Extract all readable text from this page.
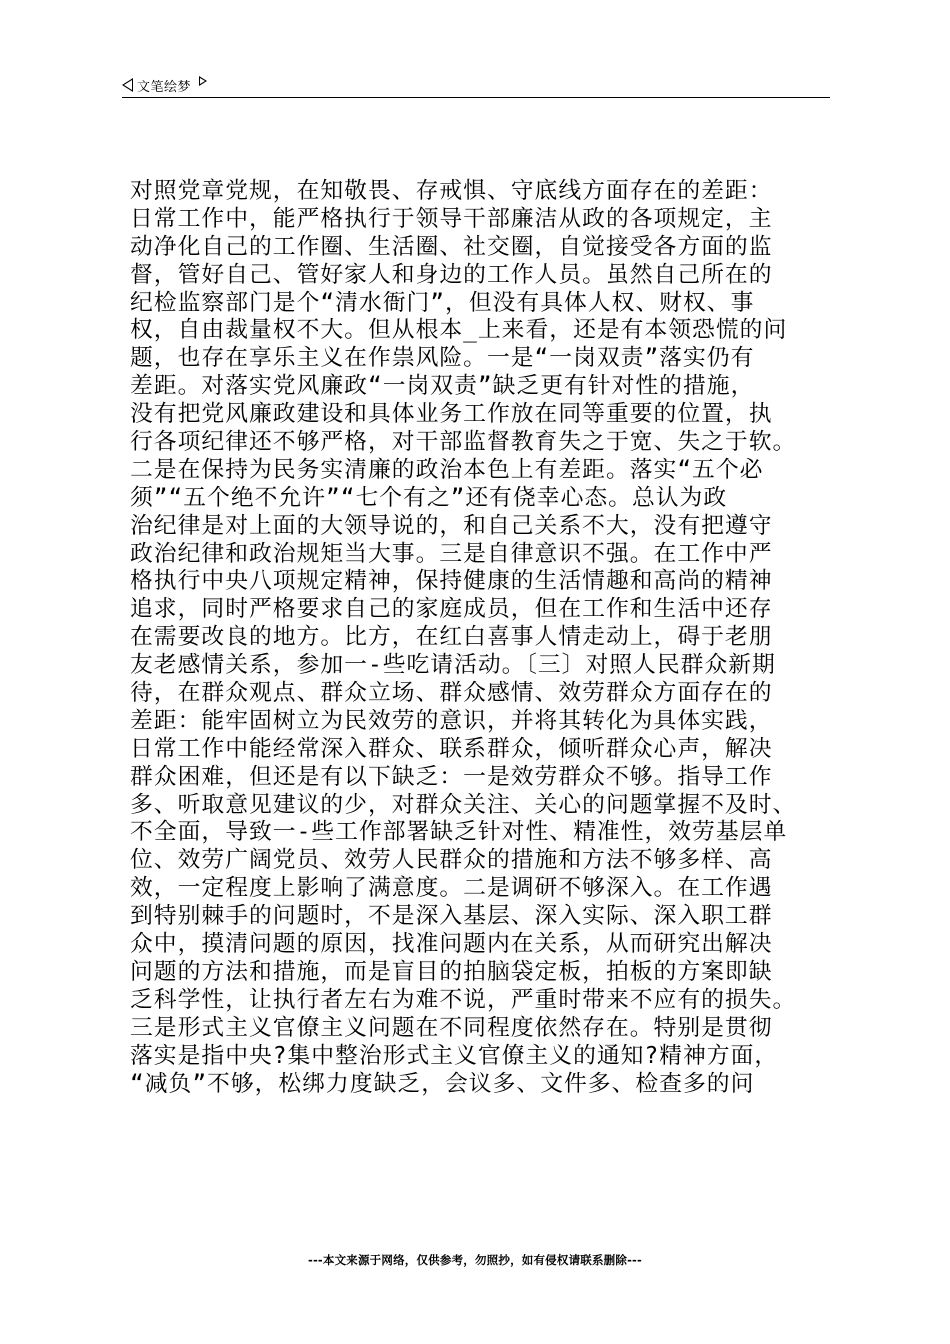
文笔绘梦
对照党章党规，在知敬畏、存戒惧、守底线方面存在的差距：
日常工作中，能严格执行于领导干部廉洁从政的各项规定，主
动净化自己的工作圈、生活圈、社交圈，自觉接受各方面的监
督，管好自己、管好家人和身边的工作人员。虽然自己所在的
纪检监察部门是个“清水衙门”，但没有具体人权、财权、事
权，自由裁量权不大。但从根本_上来看，还是有本领恐慌的问
题，也存在享乐主义在作祟风险。一是“一岗双责”落实仍有
差距。对落实党风廉政“一岗双责”缺乏更有针对性的措施，
没有把党风廉政建设和具体业务工作放在同等重要的位置，执
行各项纪律还不够严格，对干部监督教育失之于宽、失之于软。
二是在保持为民务实清廉的政治本色上有差距。落实“五个必
须”“五个绝不允许”“七个有之”还有侥幸心态。总认为政
治纪律是对上面的大领导说的，和自己关系不大，没有把遵守
政治纪律和政治规矩当大事。三是自律意识不强。在工作中严
格执行中央八项规定精神，保持健康的生活情趣和高尚的精神
追求，同时严格要求自己的家庭成员，但在工作和生活中还存
在需要改良的地方。比方，在红白喜事人情走动上，碍于老朋
友老感情关系，参加一-些吃请活动。〔三〕对照人民群众新期
待，在群众观点、群众立场、群众感情、效劳群众方面存在的
差距：能牢固树立为民效劳的意识，并将其转化为具体实践，
日常工作中能经常深入群众、联系群众，倾听群众心声，解决
群众困难，但还是有以下缺乏：一是效劳群众不够。指导工作
多、听取意见建议的少，对群众关注、关心的问题掌握不及时、
不全面，导致一-些工作部署缺乏针对性、精准性，效劳基层单
位、效劳广阔党员、效劳人民群众的措施和方法不够多样、高
效，一定程度上影响了满意度。二是调研不够深入。在工作遇
到特别棘手的问题时，不是深入基层、深入实际、深入职工群
众中，摸清问题的原因，找准问题内在关系，从而研究出解决
问题的方法和措施，而是盲目的拍脑袋定板，拍板的方案即缺
乏科学性，让执行者左右为难不说，严重时带来不应有的损失。
三是形式主义官僚主义问题在不同程度依然存在。特别是贯彻
落实是指中央?集中整治形式主义官僚主义的通知?精神方面，
“减负”不够，松绑力度缺乏，会议多、文件多、检查多的问
---本文来源于网络，仅供参考，勿照抄，如有侵权请联系删除---
